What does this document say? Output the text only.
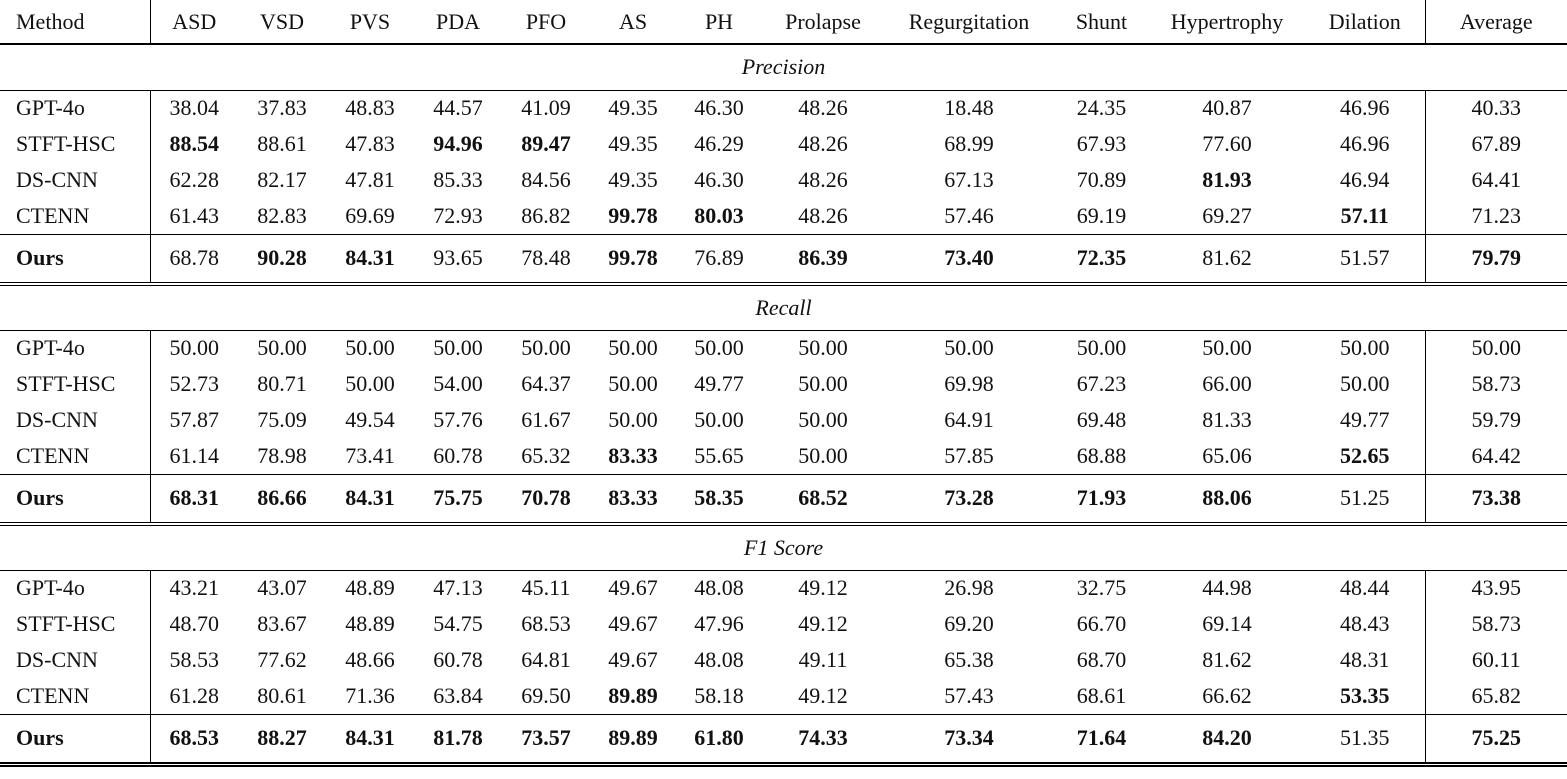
Method	ASD	VSD	PVS	PDA	PFO	AS	PH	Prolapse	Regurgitation	Shunt	Hypertrophy	Dilation	Average
Precision													
GPT-4o	38.04	37.83	48.83	44.57	41.09	49.35	46.30	48.26	18.48	24.35	40.87	46.96	40.33
STFT-HSC	88.54	88.61	47.83	94.96	89.47	49.35	46.29	48.26	68.99	67.93	77.60	46.96	67.89
DS-CNN	62.28	82.17	47.81	85.33	84.56	49.35	46.30	48.26	67.13	70.89	81.93	46.94	64.41
CTENN	61.43	82.83	69.69	72.93	86.82	99.78	80.03	48.26	57.46	69.19	69.27	57.11	71.23
Ours	68.78	90.28	84.31	93.65	78.48	99.78	76.89	86.39	73.40	72.35	81.62	51.57	79.79
Recall													
GPT-4o	50.00	50.00	50.00	50.00	50.00	50.00	50.00	50.00	50.00	50.00	50.00	50.00	50.00
STFT-HSC	52.73	80.71	50.00	54.00	64.37	50.00	49.77	50.00	69.98	67.23	66.00	50.00	58.73
DS-CNN	57.87	75.09	49.54	57.76	61.67	50.00	50.00	50.00	64.91	69.48	81.33	49.77	59.79
CTENN	61.14	78.98	73.41	60.78	65.32	83.33	55.65	50.00	57.85	68.88	65.06	52.65	64.42
Ours	68.31	86.66	84.31	75.75	70.78	83.33	58.35	68.52	73.28	71.93	88.06	51.25	73.38
F1 Score													
GPT-4o	43.21	43.07	48.89	47.13	45.11	49.67	48.08	49.12	26.98	32.75	44.98	48.44	43.95
STFT-HSC	48.70	83.67	48.89	54.75	68.53	49.67	47.96	49.12	69.20	66.70	69.14	48.43	58.73
DS-CNN	58.53	77.62	48.66	60.78	64.81	49.67	48.08	49.11	65.38	68.70	81.62	48.31	60.11
CTENN	61.28	80.61	71.36	63.84	69.50	89.89	58.18	49.12	57.43	68.61	66.62	53.35	65.82
Ours	68.53	88.27	84.31	81.78	73.57	89.89	61.80	74.33	73.34	71.64	84.20	51.35	75.25
